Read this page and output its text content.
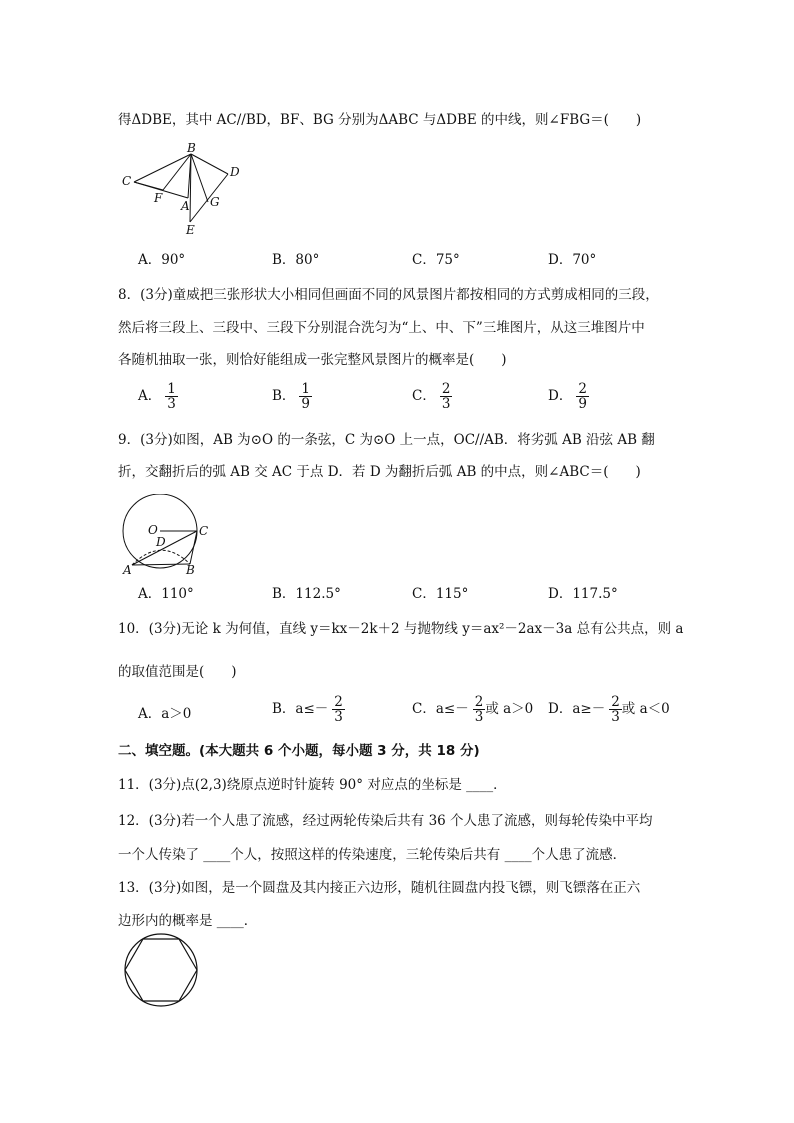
得ΔDBE，其中 AC//BD，BF、BG 分别为ΔABC 与ΔDBE 的中线，则∠FBG＝(　　)
B
C
D
F
A G
E
A．90°	B．80°	C．75°	D．70°
8．(3分)童威把三张形状大小相同但画面不同的风景图片都按相同的方式剪成相同的三段，
然后将三段上、三段中、三段下分别混合洗匀为“上、中、下”三堆图片，从这三堆图片中
各随机抽取一张，则恰好能组成一张完整风景图片的概率是(　　)
A． $\frac{1}{3}$	B． $\frac{1}{9}$	C． $\frac{2}{3}$	D． $\frac{2}{9}$
9．(3分)如图，AB 为⊙O 的一条弦，C 为⊙O 上一点，OC//AB．将劣弧 AB 沿弦 AB 翻
折，交翻折后的弧 AB 交 AC 于点 D．若 D 为翻折后弧 AB 的中点，则∠ABC＝(　　)
O	C
D
A	B
A．110°	B．112.5°	C．115°	D．117.5°
10．(3分)无论 k 为何值，直线 y＝kx－2k＋2 与抛物线 y＝ax²－2ax－3a 总有公共点，则 a
的取值范围是(　　)
A．a＞0	B．$a\le- \frac{2}{3}$	C．$a\le- \frac{2}{3}$ 或 a＞0 D．$a\ge- \frac{2}{3}$ 或 a＜0
二、填空题。(本大题共 6 个小题，每小题 3 分，共 18 分)
11．(3分)点(2,3)绕原点逆时针旋转 90° 对应点的坐标是 ____．
12．(3分)若一个人患了流感，经过两轮传染后共有 36 个人患了流感，则每轮传染中平均
一个人传染了 ____个人，按照这样的传染速度，三轮传染后共有 ____个人患了流感．
13．(3分)如图，是一个圆盘及其内接正六边形，随机往圆盘内投飞镖，则飞镖落在正六
边形内的概率是 ____．
